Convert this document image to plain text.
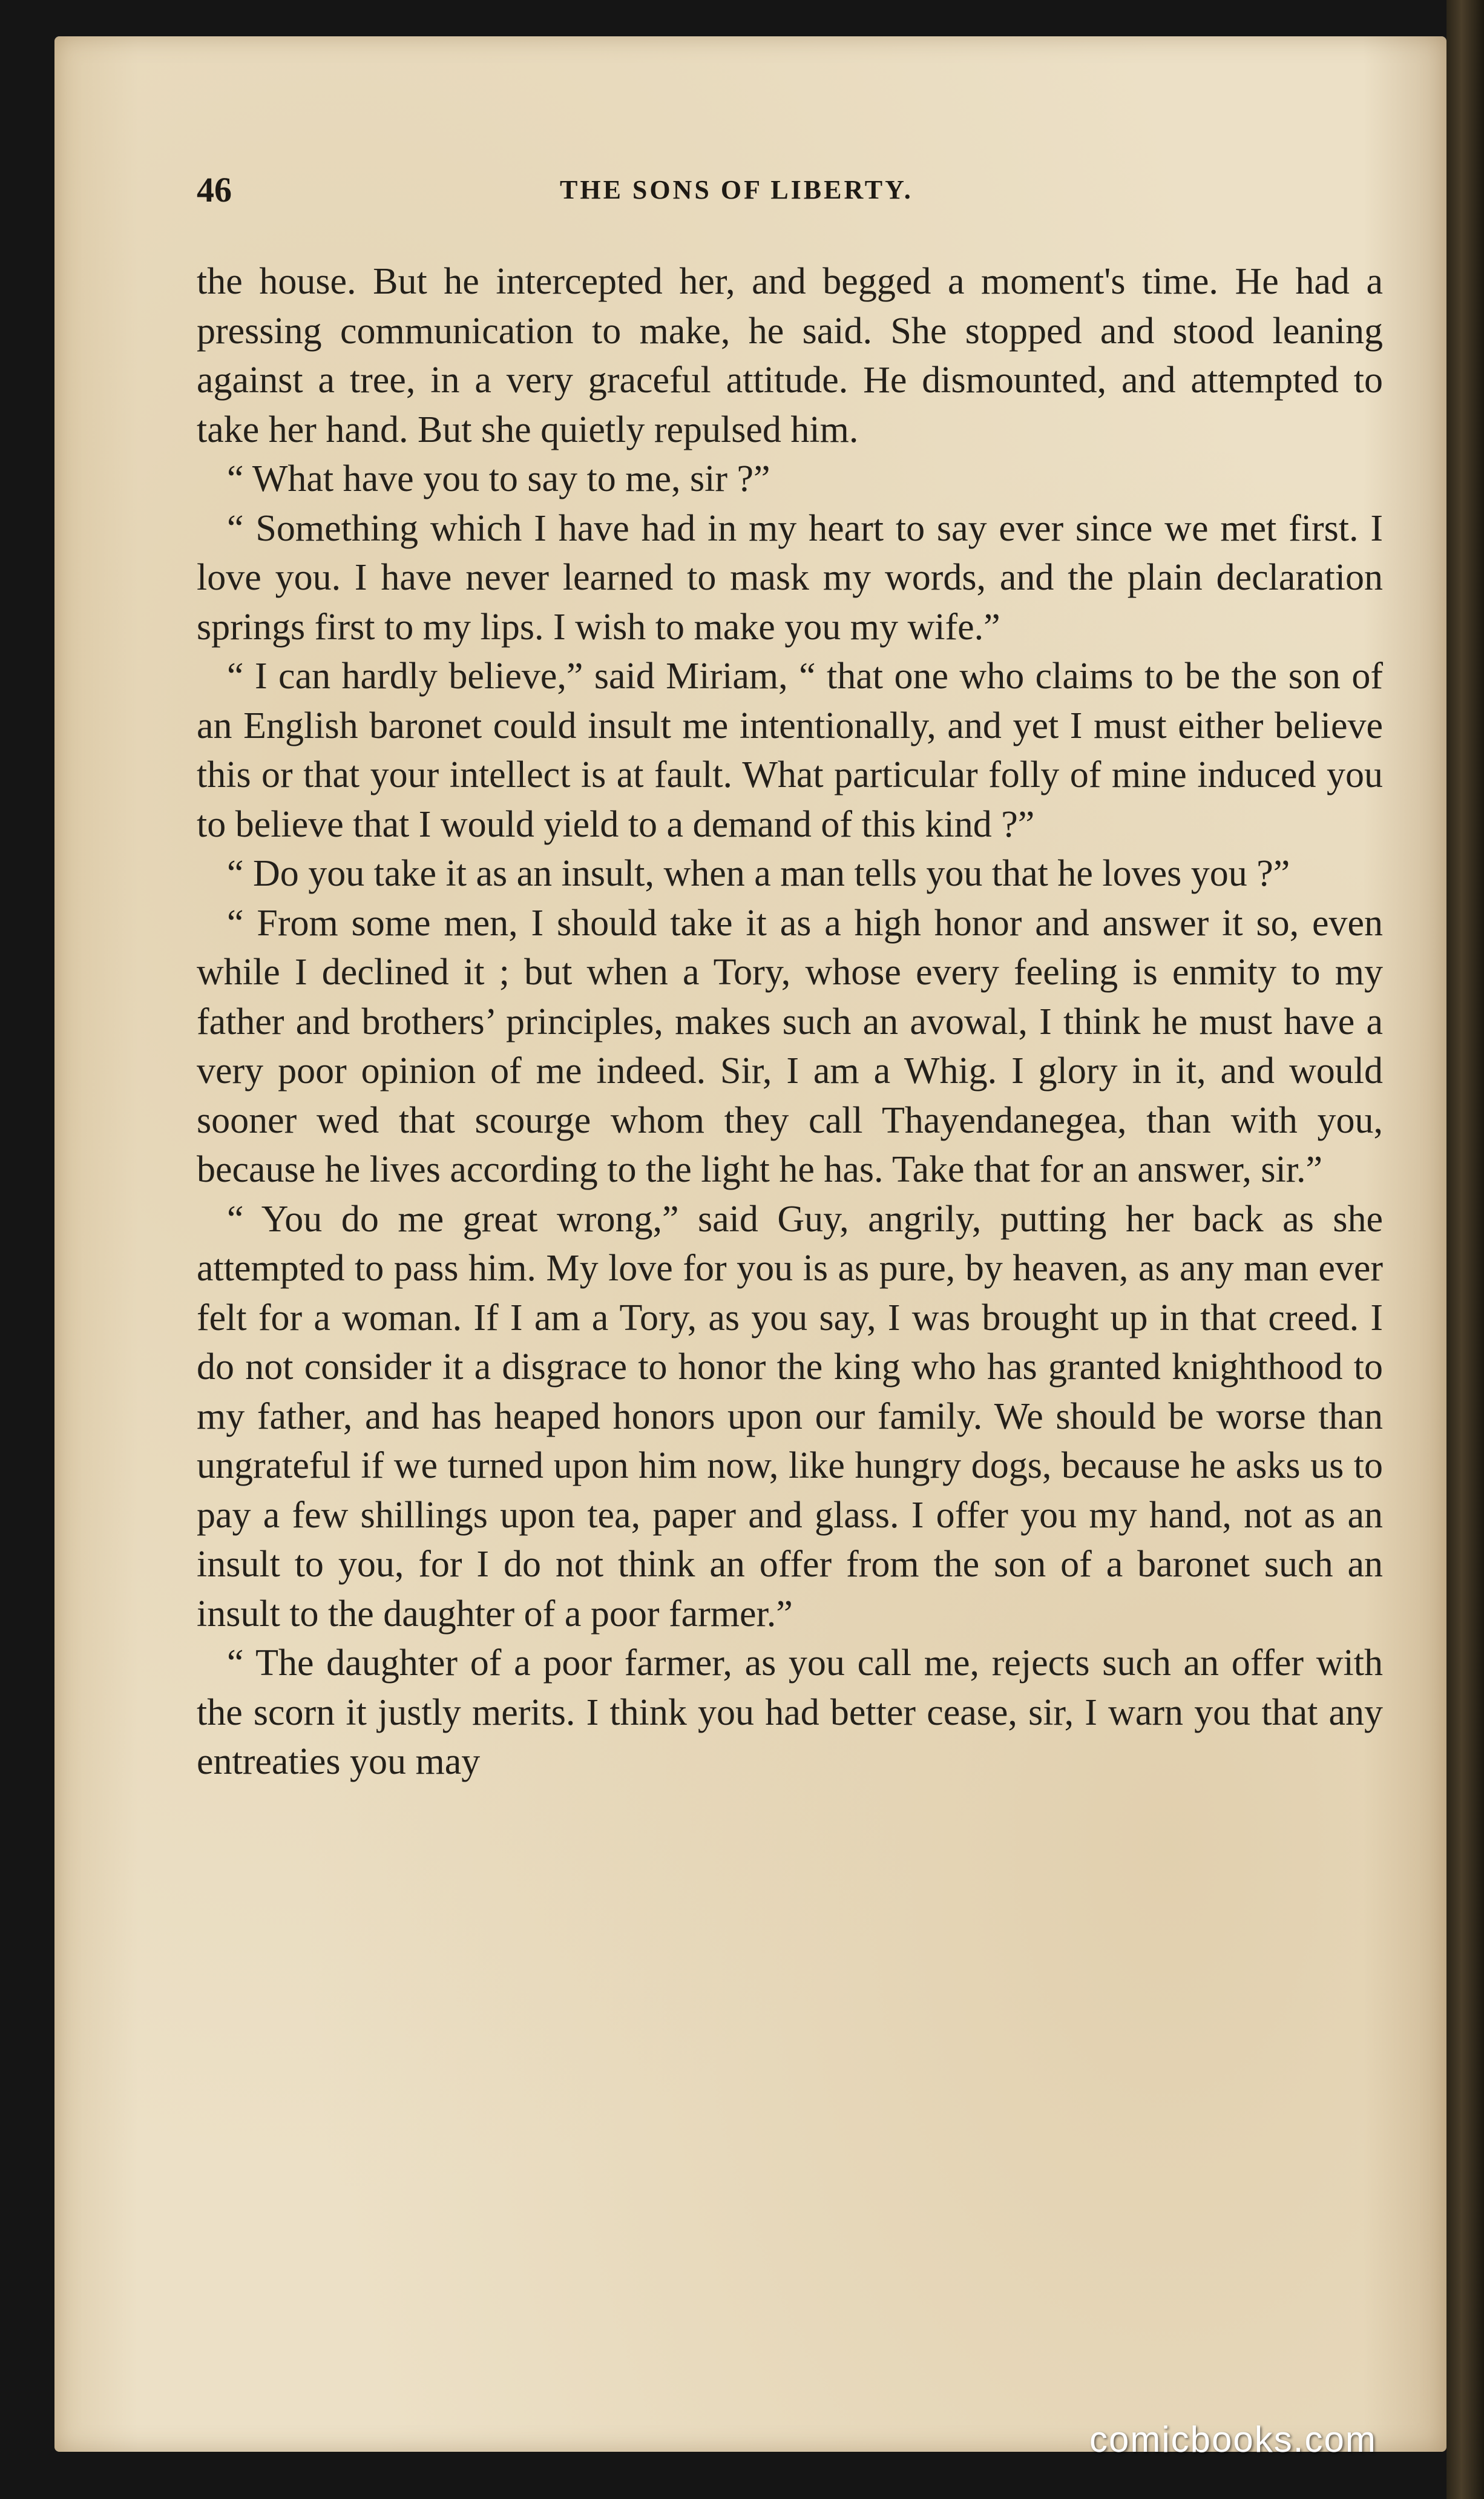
46	THE SONS OF LIBERTY.

the house. But he intercepted her, and begged a moment's time. He had a pressing communication to make, he said. She stopped and stood leaning against a tree, in a very graceful attitude. He dismounted, and attempted to take her hand. But she quietly repulsed him.

“ What have you to say to me, sir ?”

“ Something which I have had in my heart to say ever since we met first. I love you. I have never learned to mask my words, and the plain declaration springs first to my lips. I wish to make you my wife.”

“ I can hardly believe,” said Miriam, “ that one who claims to be the son of an English baronet could insult me intentionally, and yet I must either believe this or that your intellect is at fault. What particular folly of mine induced you to believe that I would yield to a demand of this kind ?”

“ Do you take it as an insult, when a man tells you that he loves you ?”

“ From some men, I should take it as a high honor and answer it so, even while I declined it ; but when a Tory, whose every feeling is enmity to my father and brothers’ principles, makes such an avowal, I think he must have a very poor opinion of me indeed. Sir, I am a Whig. I glory in it, and would sooner wed that scourge whom they call Thayendanegea, than with you, because he lives according to the light he has. Take that for an answer, sir.”

“ You do me great wrong,” said Guy, angrily, putting her back as she attempted to pass him. My love for you is as pure, by heaven, as any man ever felt for a woman. If I am a Tory, as you say, I was brought up in that creed. I do not consider it a disgrace to honor the king who has granted knighthood to my father, and has heaped honors upon our family. We should be worse than ungrateful if we turned upon him now, like hungry dogs, because he asks us to pay a few shillings upon tea, paper and glass. I offer you my hand, not as an insult to you, for I do not think an offer from the son of a baronet such an insult to the daughter of a poor farmer.”

“ The daughter of a poor farmer, as you call me, rejects such an offer with the scorn it justly merits. I think you had better cease, sir, I warn you that any entreaties you may

comicbooks.com
